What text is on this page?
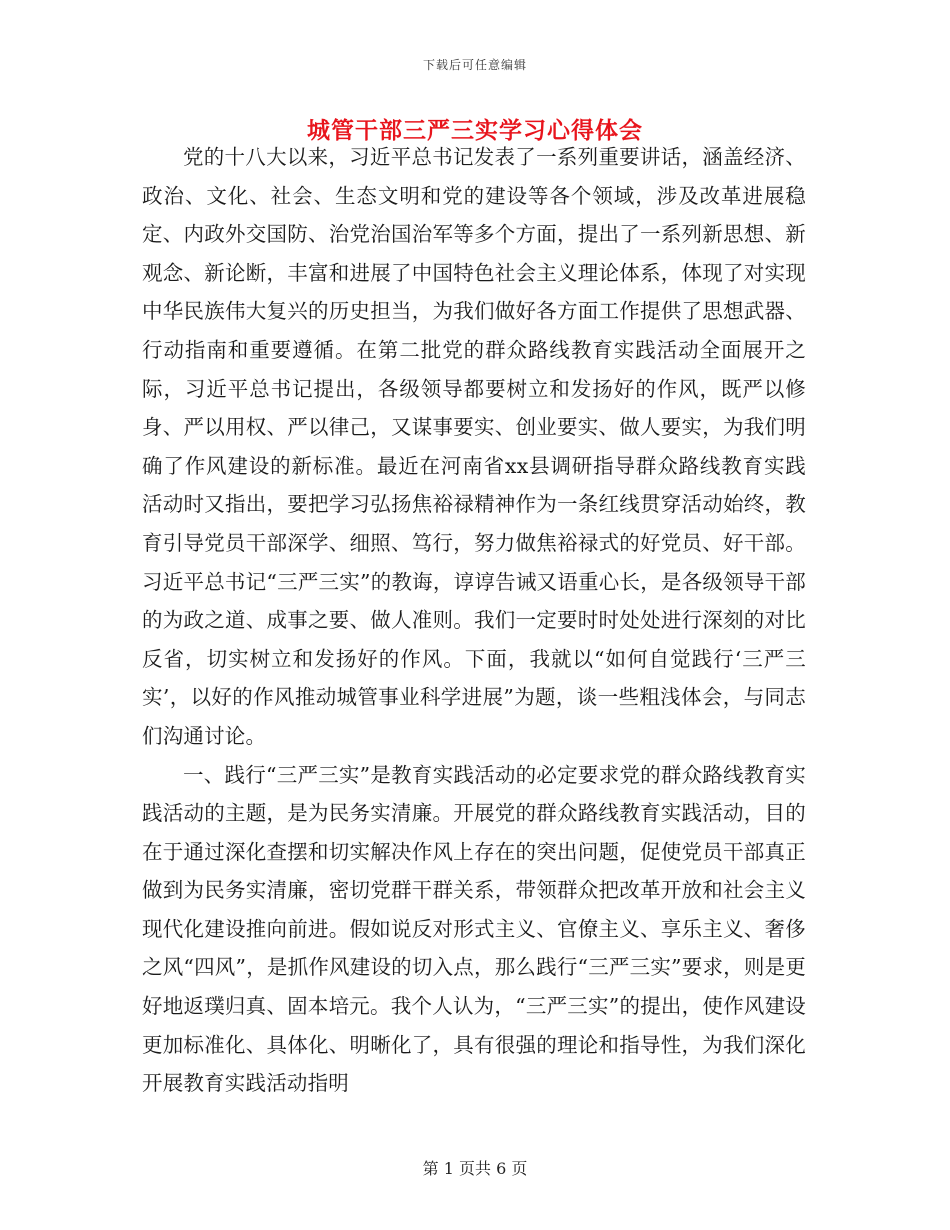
下载后可任意编辑
城管干部三严三实学习心得体会

党的十八大以来，习近平总书记发表了一系列重要讲话，涵盖经济、政治、文化、社会、生态文明和党的建设等各个领域，涉及改革进展稳定、内政外交国防、治党治国治军等多个方面，提出了一系列新思想、新观念、新论断，丰富和进展了中国特色社会主义理论体系，体现了对实现中华民族伟大复兴的历史担当，为我们做好各方面工作提供了思想武器、行动指南和重要遵循。在第二批党的群众路线教育实践活动全面展开之际，习近平总书记提出，各级领导都要树立和发扬好的作风，既严以修身、严以用权、严以律己，又谋事要实、创业要实、做人要实，为我们明确了作风建设的新标准。最近在河南省xx县调研指导群众路线教育实践活动时又指出，要把学习弘扬焦裕禄精神作为一条红线贯穿活动始终，教育引导党员干部深学、细照、笃行，努力做焦裕禄式的好党员、好干部。习近平总书记“三严三实”的教诲，谆谆告诫又语重心长，是各级领导干部的为政之道、成事之要、做人准则。我们一定要时时处处进行深刻的对比反省，切实树立和发扬好的作风。下面，我就以“如何自觉践行‘三严三实’，以好的作风推动城管事业科学进展”为题，谈一些粗浅体会，与同志们沟通讨论。

一、践行“三严三实”是教育实践活动的必定要求党的群众路线教育实践活动的主题，是为民务实清廉。开展党的群众路线教育实践活动，目的在于通过深化查摆和切实解决作风上存在的突出问题，促使党员干部真正做到为民务实清廉，密切党群干群关系，带领群众把改革开放和社会主义现代化建设推向前进。假如说反对形式主义、官僚主义、享乐主义、奢侈之风“四风”，是抓作风建设的切入点，那么践行“三严三实”要求，则是更好地返璞归真、固本培元。我个人认为，“三严三实”的提出，使作风建设更加标准化、具体化、明晰化了，具有很强的理论和指导性，为我们深化开展教育实践活动指明

第 1 页共 6 页
